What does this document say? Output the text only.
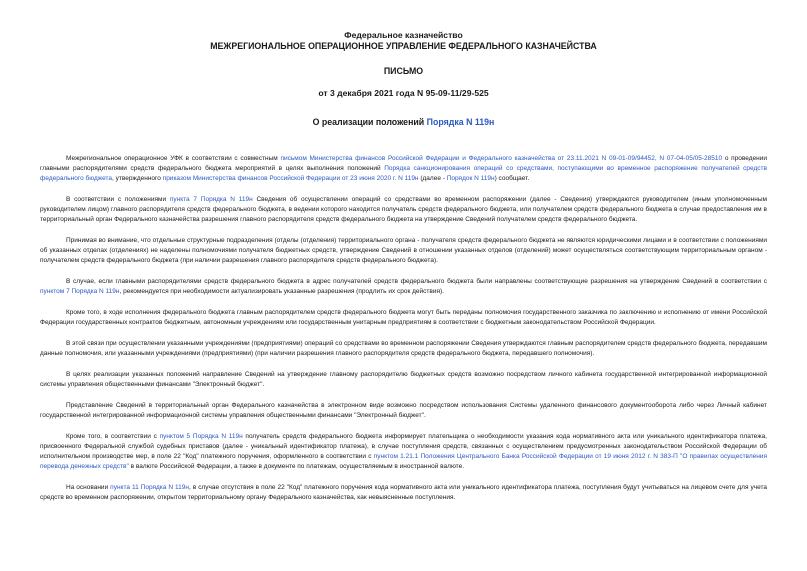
Федеральное казначейство
МЕЖРЕГИОНАЛЬНОЕ ОПЕРАЦИОННОЕ УПРАВЛЕНИЕ ФЕДЕРАЛЬНОГО КАЗНАЧЕЙСТВА
ПИСЬМО
от 3 декабря 2021 года N 95-09-11/29-525
О реализации положений Порядка N 119н

Межрегиональное операционное УФК в соответствии с совместным письмом Министерства финансов Российской Федерации и Федерального казначейства от 23.11.2021 N 09-01-09/94452, N 07-04-05/05-28510 о проведении главными распорядителями средств федерального бюджета мероприятий в целях выполнения положений Порядка санкционирования операций со средствами, поступающими во временное распоряжение получателей средств федерального бюджета, утвержденного приказом Министерства финансов Российской Федерации от 23 июня 2020 г. N 119н (далее - Порядок N 119н) сообщает.

В соответствии с положениями пункта 7 Порядка N 119н Сведения об осуществлении операций со средствами во временном распоряжении (далее - Сведения) утверждаются руководителем (иным уполномоченным руководителем лицом) главного распорядителя средств федерального бюджета, в ведении которого находится получатель средств федерального бюджета, или получателем средств федерального бюджета в случае предоставления им в территориальный орган Федерального казначейства разрешения главного распорядителя средств федерального бюджета на утверждение Сведений получателем средств федерального бюджета.

Принимая во внимание, что отдельные структурные подразделения (отделы (отделения) территориального органа - получателя средств федерального бюджета не являются юридическими лицами и в соответствии с положениями об указанных отделах (отделениях) не наделены полномочиями получателя бюджетных средств, утверждение Сведений в отношении указанных отделов (отделений) может осуществляться соответствующим территориальным органом - получателем средств федерального бюджета (при наличии разрешения главного распорядителя средств федерального бюджета).

В случае, если главными распорядителями средств федерального бюджета в адрес получателей средств федерального бюджета были направлены соответствующие разрешения на утверждение Сведений в соответствии с пунктом 7 Порядка N 119н, рекомендуется при необходимости актуализировать указанные разрешения (продлить их срок действия).

Кроме того, в ходе исполнения федерального бюджета главным распорядителем средств федерального бюджета могут быть переданы полномочия государственного заказчика по заключению и исполнению от имени Российской Федерации государственных контрактов бюджетным, автономным учреждениям или государственным унитарным предприятиям в соответствии с бюджетным законодательством Российской Федерации.

В этой связи при осуществлении указанными учреждениями (предприятиями) операций со средствами во временном распоряжении Сведения утверждаются главным распорядителем средств федерального бюджета, передавшим данные полномочия, или указанными учреждениями (предприятиями) (при наличии разрешения главного распорядителя средств федерального бюджета, передавшего полномочия).

В целях реализации указанных положений направление Сведений на утверждение главному распорядителю бюджетных средств возможно посредством личного кабинета государственной интегрированной информационной системы управления общественными финансами "Электронный бюджет".

Представление Сведений в территориальный орган Федерального казначейства в электронном виде возможно посредством использования Системы удаленного финансового документооборота либо через Личный кабинет государственной интегрированной информационной системы управления общественными финансами "Электронный бюджет".

Кроме того, в соответствии с пунктом 5 Порядка N 119н получатель средств федерального бюджета информирует плательщика о необходимости указания кода нормативного акта или уникального идентификатора платежа, присвоенного Федеральной службой судебных приставов (далее - уникальный идентификатор платежа), в случае поступления средств, связанных с осуществлением предусмотренных законодательством Российской Федерации об исполнительном производстве мер, в поле 22 "Код" платежного поручения, оформленного в соответствии с пунктом 1.21.1 Положения Центрального Банка Российской Федерации от 19 июня 2012 г. N 383-П "О правилах осуществления перевода денежных средств" в валюте Российской Федерации, а также в документе по платежам, осуществляемым в иностранной валюте.

На основании пункта 11 Порядка N 119н, в случае отсутствия в поле 22 "Код" платежного поручения кода нормативного акта или уникального идентификатора платежа, поступления будут учитываться на лицевом счете для учета средств во временном распоряжении, открытом территориальному органу Федерального казначейства, как невыясненные поступления.
